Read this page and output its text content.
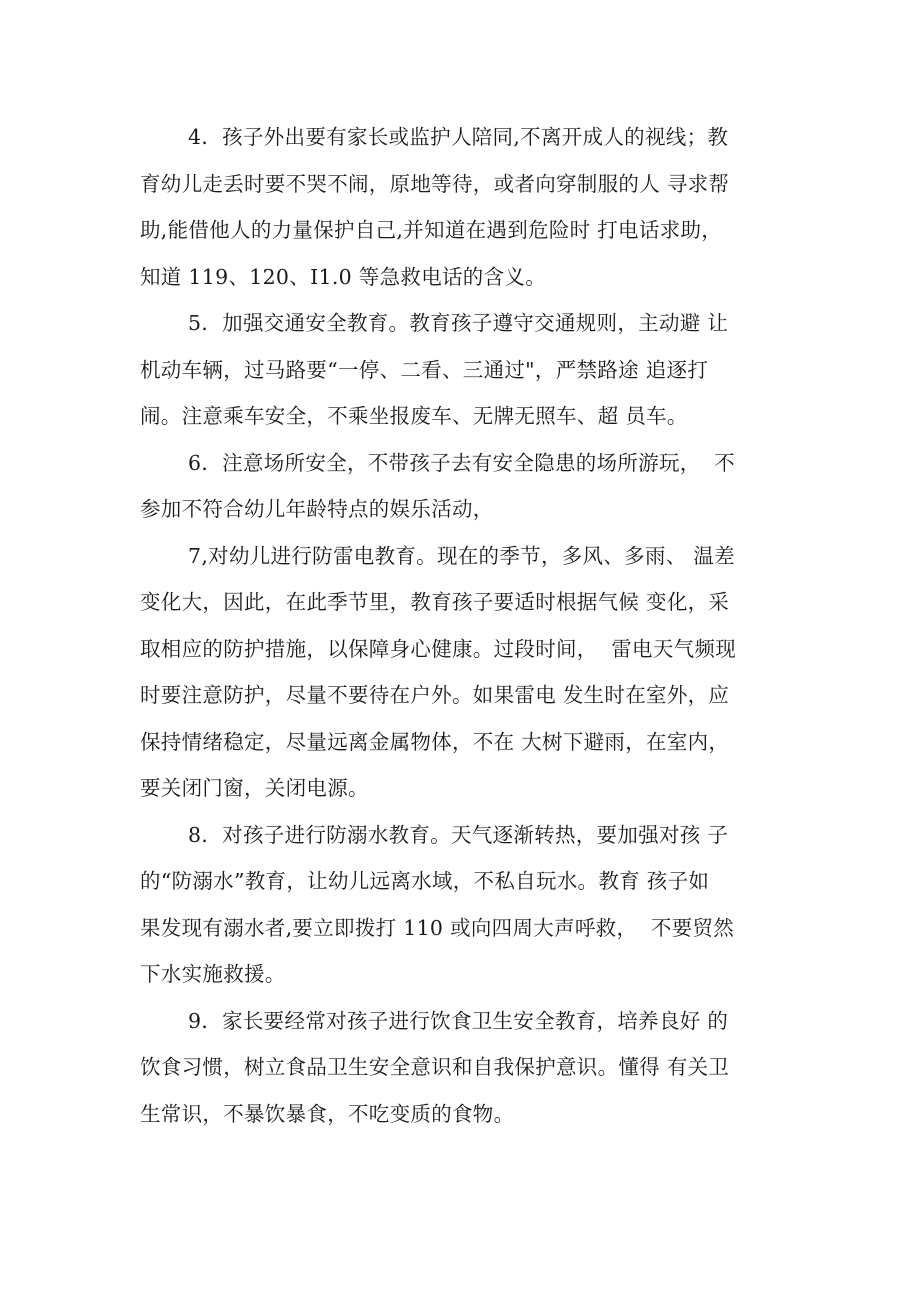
4．孩子外出要有家长或监护人陪同,不离开成人的视线；教
育幼儿走丢时要不哭不闹，原地等待，或者向穿制服的人 寻求帮
助,能借他人的力量保护自己,并知道在遇到危险时 打电话求助，
知道 119、120、I1.0 等急救电话的含义。
5．加强交通安全教育。教育孩子遵守交通规则，主动避 让
机动车辆，过马路要“一停、二看、三通过"，严禁路途 追逐打
闹。注意乘车安全，不乘坐报废车、无牌无照车、超 员车。
6．注意场所安全，不带孩子去有安全隐患的场所游玩，  不
参加不符合幼儿年龄特点的娱乐活动，
7,对幼儿进行防雷电教育。现在的季节，多风、多雨、 温差
变化大，因此，在此季节里，教育孩子要适时根据气候 变化，采
取相应的防护措施，以保障身心健康。过段时间，  雷电天气频现
时要注意防护，尽量不要待在户外。如果雷电 发生时在室外，应
保持情绪稳定，尽量远离金属物体，不在 大树下避雨，在室内，
要关闭门窗，关闭电源。
8．对孩子进行防溺水教育。天气逐渐转热，要加强对孩 子
的“防溺水”教育，让幼儿远离水域，不私自玩水。教育 孩子如
果发现有溺水者,要立即拨打 110 或向四周大声呼救，  不要贸然
下水实施救援。
9．家长要经常对孩子进行饮食卫生安全教育，培养良好 的
饮食习惯，树立食品卫生安全意识和自我保护意识。懂得 有关卫
生常识，不暴饮暴食，不吃变质的食物。
